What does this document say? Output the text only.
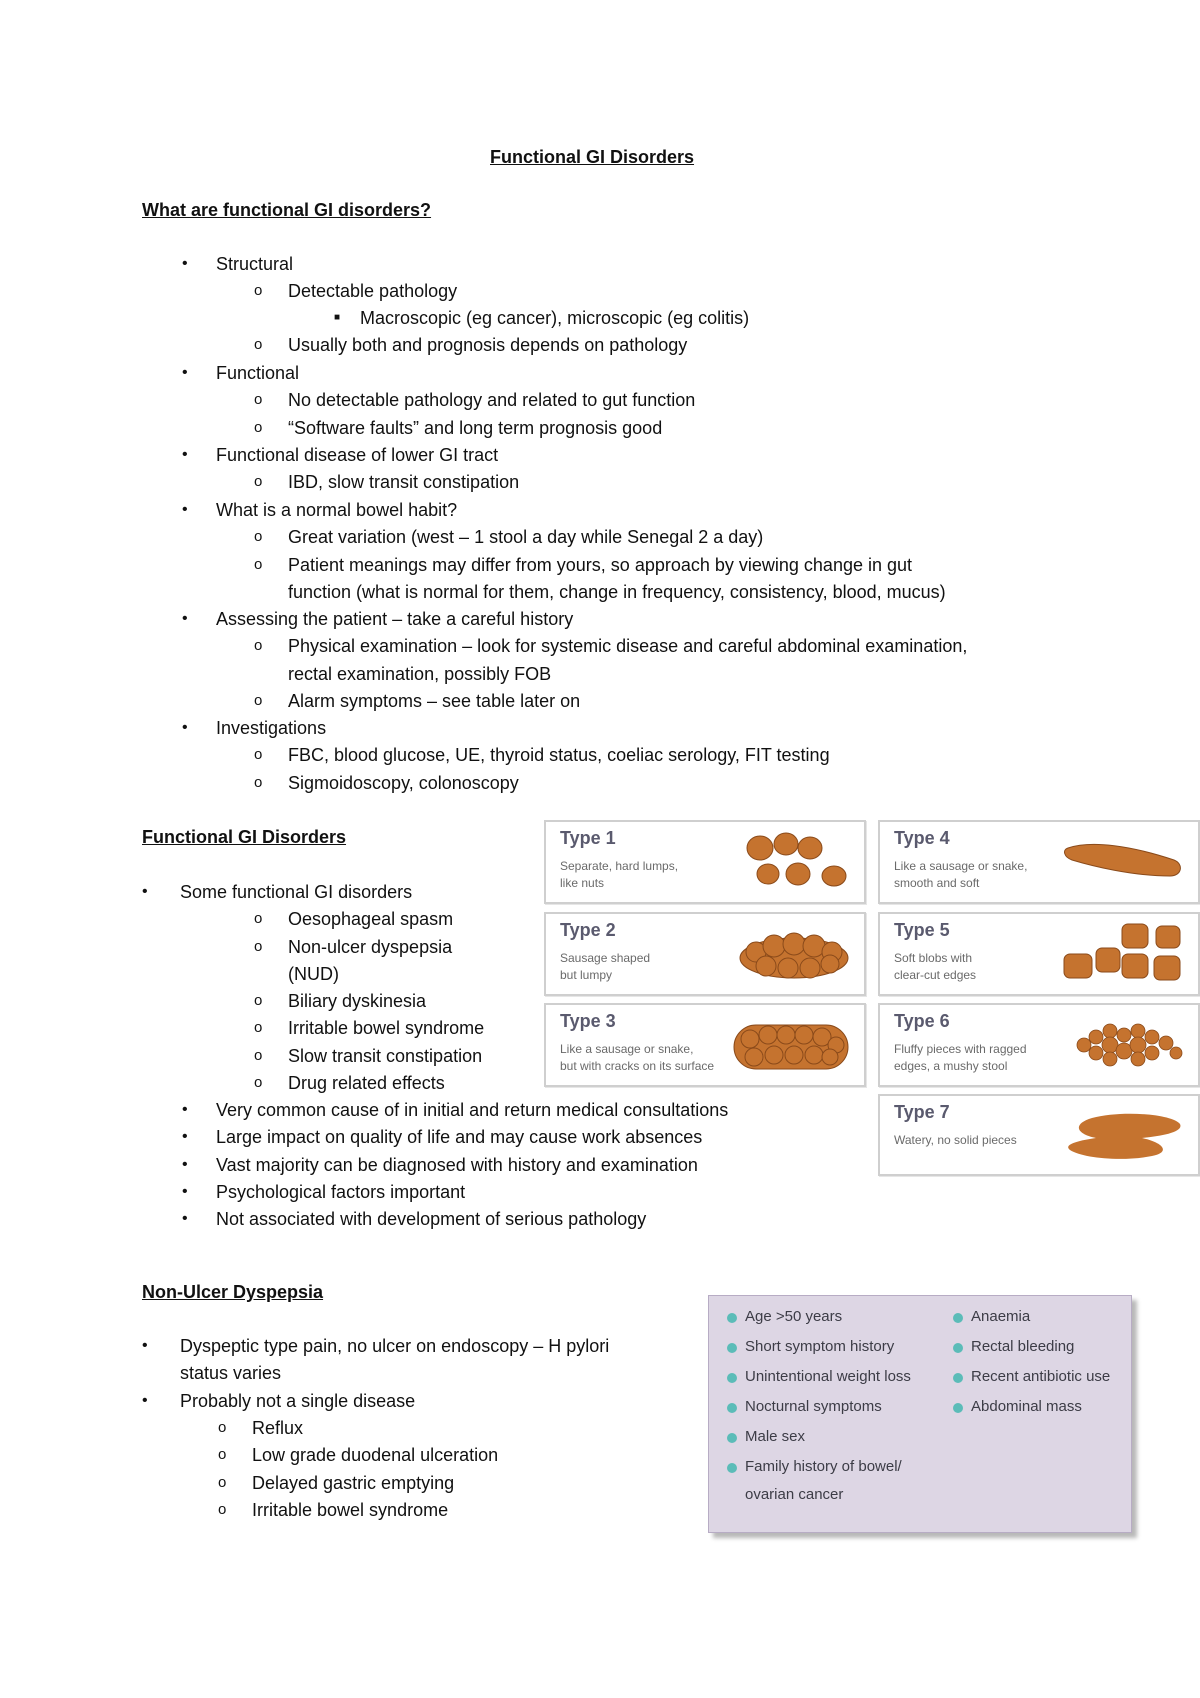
Functional GI Disorders
What are functional GI disorders?
• Structural
o Detectable pathology
■ Macroscopic (eg cancer), microscopic (eg colitis)
o Usually both and prognosis depends on pathology
• Functional
o No detectable pathology and related to gut function
o “Software faults” and long term prognosis good
• Functional disease of lower GI tract
o IBD, slow transit constipation
• What is a normal bowel habit?
o Great variation (west – 1 stool a day while Senegal 2 a day)
o Patient meanings may differ from yours, so approach by viewing change in gut
function (what is normal for them, change in frequency, consistency, blood, mucus)
• Assessing the patient – take a careful history
o Physical examination – look for systemic disease and careful abdominal examination,
rectal examination, possibly FOB
o Alarm symptoms – see table later on
• Investigations
o FBC, blood glucose, UE, thyroid status, coeliac serology, FIT testing
o Sigmoidoscopy, colonoscopy
Functional GI Disorders
• Some functional GI disorders
o Oesophageal spasm
o Non-ulcer dyspepsia
(NUD)
o Biliary dyskinesia
o Irritable bowel syndrome
o Slow transit constipation
o Drug related effects
• Very common cause of in initial and return medical consultations
• Large impact on quality of life and may cause work absences
• Vast majority can be diagnosed with history and examination
• Psychological factors important
• Not associated with development of serious pathology
Type 1
Separate, hard lumps,
like nuts
Type 2
Sausage shaped
but lumpy
Type 3
Like a sausage or snake,
but with cracks on its surface
Type 4
Like a sausage or snake,
smooth and soft
Type 5
Soft blobs with
clear-cut edges
Type 6
Fluffy pieces with ragged
edges, a mushy stool
Type 7
Watery, no solid pieces
Non-Ulcer Dyspepsia
• Dyspeptic type pain, no ulcer on endoscopy – H pylori
status varies
• Probably not a single disease
o Reflux
o Low grade duodenal ulceration
o Delayed gastric emptying
o Irritable bowel syndrome
Age >50 years
Short symptom history
Unintentional weight loss
Nocturnal symptoms
Male sex
Family history of bowel/
ovarian cancer
Anaemia
Rectal bleeding
Recent antibiotic use
Abdominal mass
